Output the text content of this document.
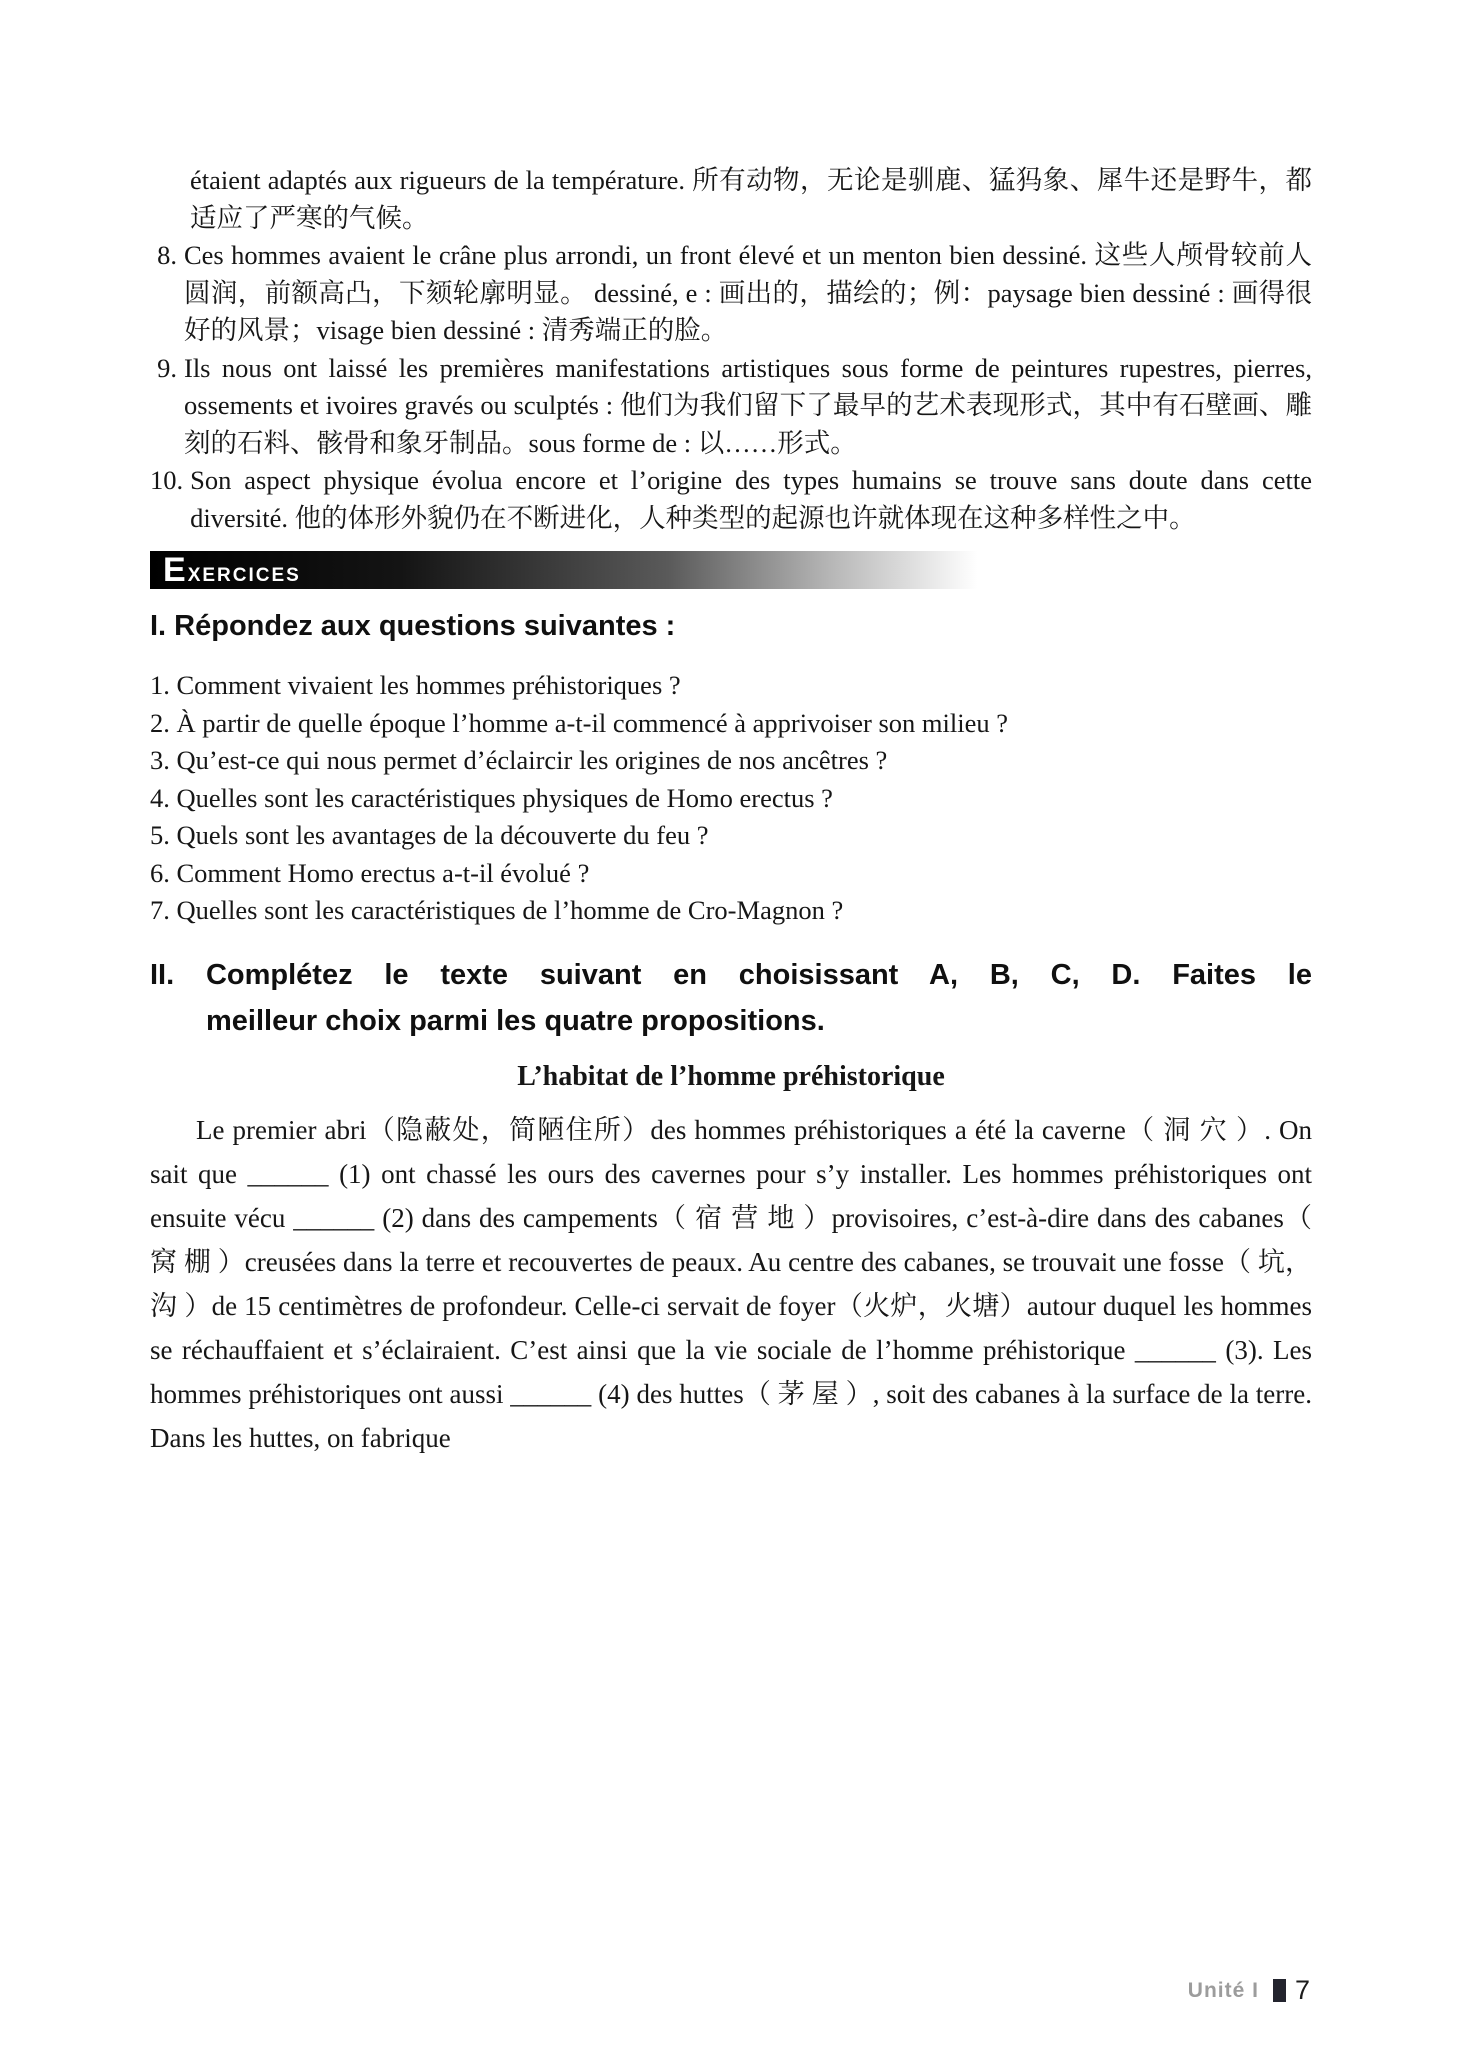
étaient adaptés aux rigueurs de la température. 所有动物，无论是驯鹿、猛犸象、犀牛还是野牛，都适应了严寒的气候。
8. Ces hommes avaient le crâne plus arrondi, un front élevé et un menton bien dessiné. 这些人颅骨较前人圆润，前额高凸，下颏轮廓明显。 dessiné, e : 画出的，描绘的；例：paysage bien dessiné : 画得很好的风景；visage bien dessiné : 清秀端正的脸。
9. Ils nous ont laissé les premières manifestations artistiques sous forme de peintures rupestres, pierres, ossements et ivoires gravés ou sculptés : 他们为我们留下了最早的艺术表现形式，其中有石壁画、雕刻的石料、骸骨和象牙制品。sous forme de : 以……形式。
10. Son aspect physique évolua encore et l’origine des types humains se trouve sans doute dans cette diversité. 他的体形外貌仍在不断进化，人种类型的起源也许就体现在这种多样性之中。
Exercices
I. Répondez aux questions suivantes :
1. Comment vivaient les hommes préhistoriques ?
2. À partir de quelle époque l’homme a-t-il commencé à apprivoiser son milieu ?
3. Qu’est-ce qui nous permet d’éclaircir les origines de nos ancêtres ?
4. Quelles sont les caractéristiques physiques de Homo erectus ?
5. Quels sont les avantages de la découverte du feu ?
6. Comment Homo erectus a-t-il évolué ?
7. Quelles sont les caractéristiques de l’homme de Cro-Magnon ?
II. Complétez le texte suivant en choisissant A, B, C, D. Faites le
meilleur choix parmi les quatre propositions.
L’habitat de l’homme préhistorique
Le premier abri（隐蔽处，简陋住所）des hommes préhistoriques a été la caverne（ 洞 穴 ）. On sait que ______ (1) ont chassé les ours des cavernes pour s’y installer. Les hommes préhistoriques ont ensuite vécu ______ (2) dans des campements（ 宿 营 地 ）provisoires, c’est-à-dire dans des cabanes（ 窝 棚 ）creusées dans la terre et recouvertes de peaux. Au centre des cabanes, se trouvait une fosse（ 坑， 沟 ）de 15 centimètres de profondeur. Celle-ci servait de foyer（火炉，火塘）autour duquel les hommes se réchauffaient et s’éclairaient. C’est ainsi que la vie sociale de l’homme préhistorique ______ (3). Les hommes préhistoriques ont aussi ______ (4) des huttes（ 茅 屋 ）, soit des cabanes à la surface de la terre. Dans les huttes, on fabrique
Unité I 7
